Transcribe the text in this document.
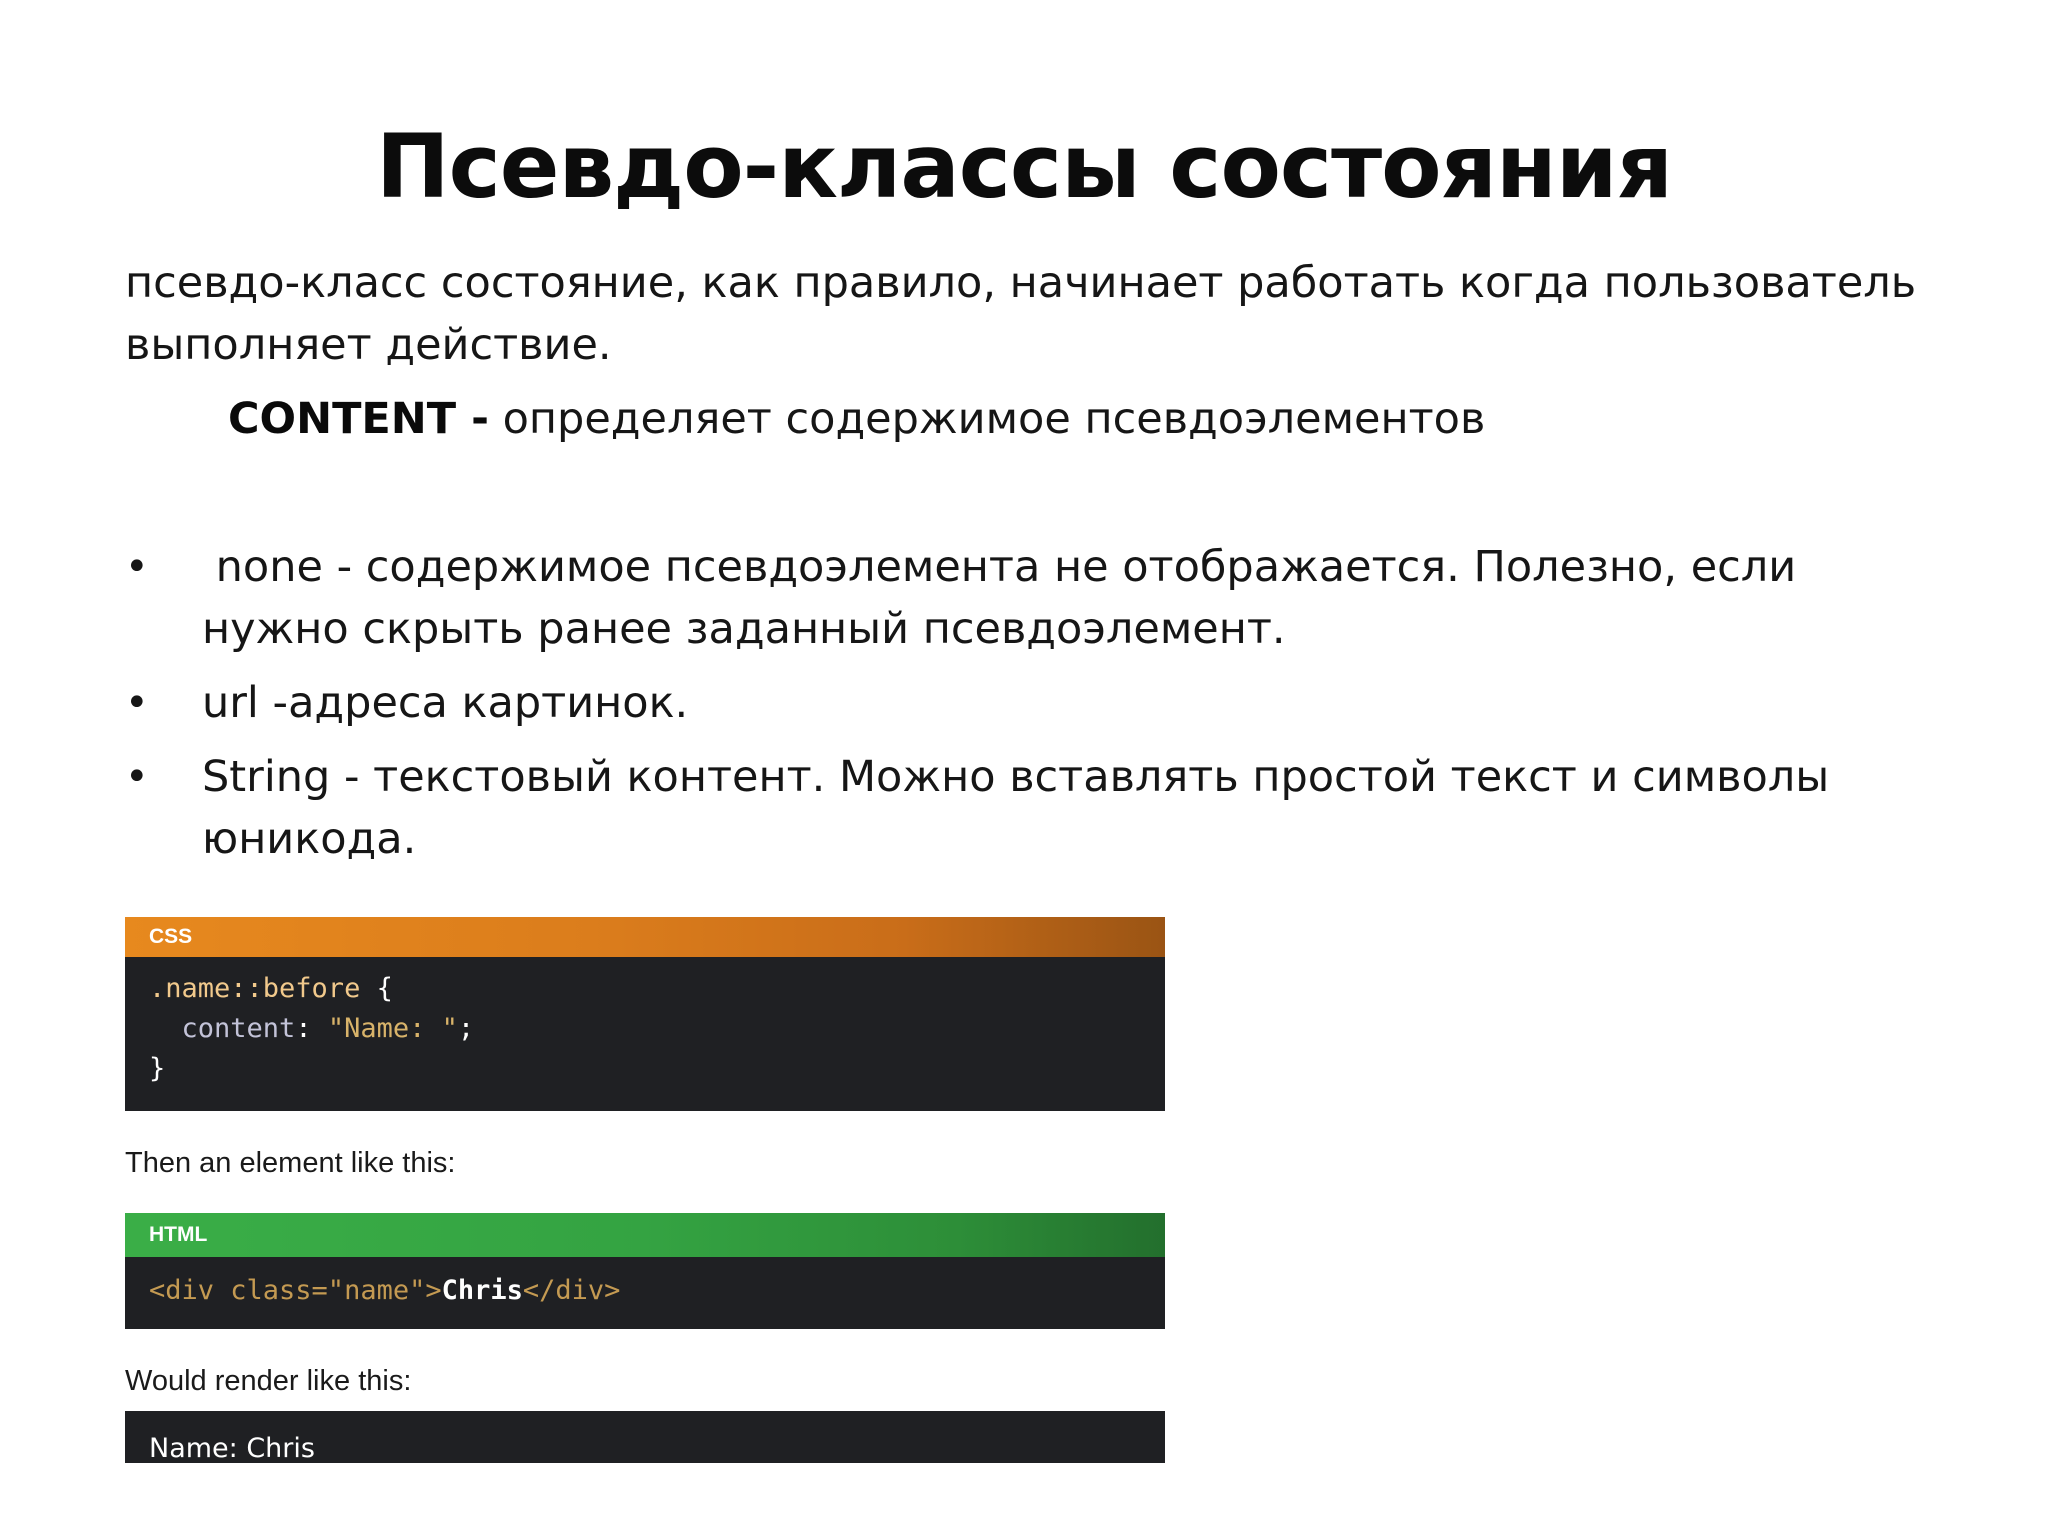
Псевдо-классы состояния
псевдо-класс состояние, как правило, начинает работать когда пользователь выполняет действие.
CONTENT - определяет содержимое псевдоэлементов
• none - содержимое псевдоэлемента не отображается. Полезно, если нужно скрыть ранее заданный псевдоэлемент.
• url -адреса картинок.
• String - текстовый контент. Можно вставлять простой текст и символы юникода.
CSS
.name::before {
content: "Name: ";
}
Then an element like this:
HTML
<div class="name">Chris</div>
Would render like this:
Name: Chris
